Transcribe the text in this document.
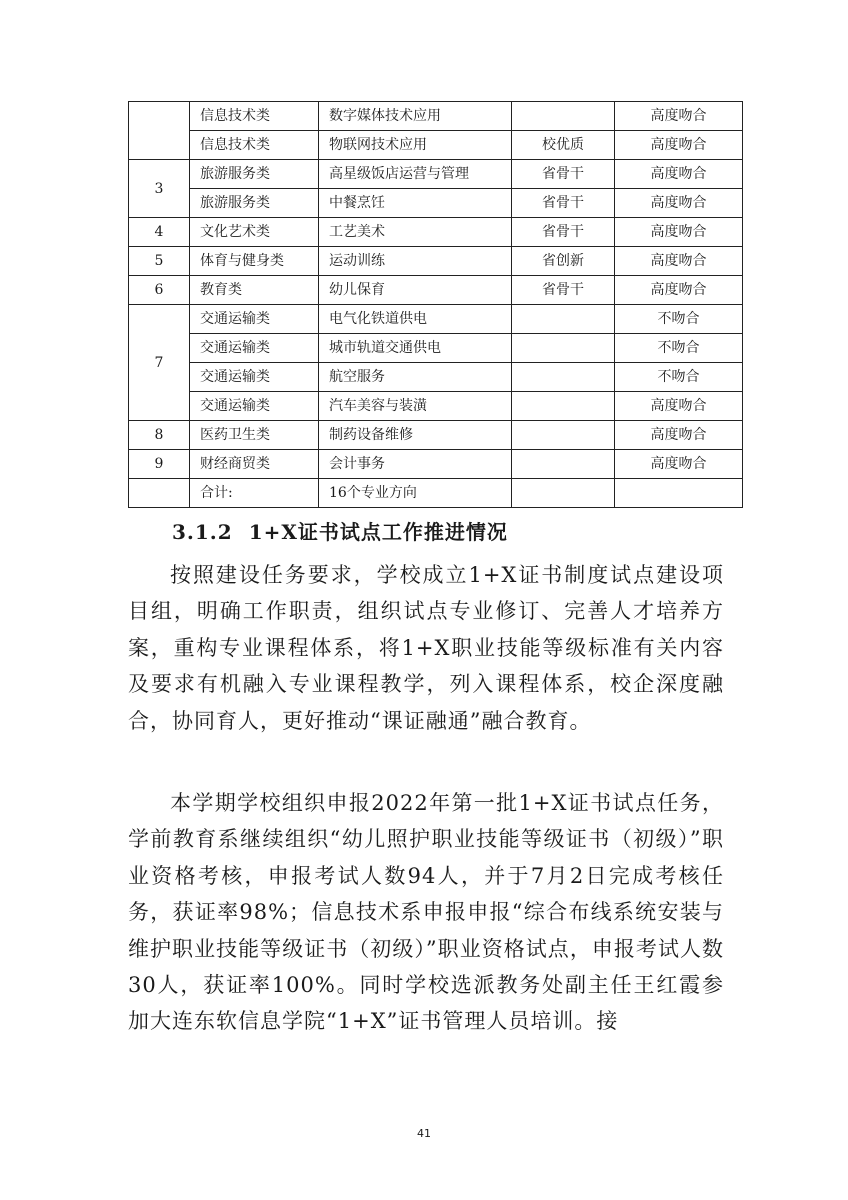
	信息技术类	数字媒体技术应用		高度吻合
	信息技术类	物联网技术应用	校优质	高度吻合
3	旅游服务类	高星级饭店运营与管理	省骨干	高度吻合
	旅游服务类	中餐烹饪	省骨干	高度吻合
4	文化艺术类	工艺美术	省骨干	高度吻合
5	体育与健身类	运动训练	省创新	高度吻合
6	教育类	幼儿保育	省骨干	高度吻合
7	交通运输类	电气化铁道供电		不吻合
	交通运输类	城市轨道交通供电		不吻合
	交通运输类	航空服务		不吻合
	交通运输类	汽车美容与装潢		高度吻合
8	医药卫生类	制药设备维修		高度吻合
9	财经商贸类	会计事务		高度吻合
	合计:	16个专业方向		
3.1.2 1+X证书试点工作推进情况

按照建设任务要求，学校成立1+X证书制度试点建设项目组，明确工作职责，组织试点专业修订、完善人才培养方案，重构专业课程体系，将1+X职业技能等级标准有关内容及要求有机融入专业课程教学，列入课程体系，校企深度融合，协同育人，更好推动“课证融通”融合教育。

本学期学校组织申报2022年第一批1+X证书试点任务，学前教育系继续组织“幼儿照护职业技能等级证书（初级）”职业资格考核，申报考试人数94人，并于7月2日完成考核任务，获证率98%；信息技术系申报申报“综合布线系统安装与维护职业技能等级证书（初级）”职业资格试点，申报考试人数30人，获证率100%。同时学校选派教务处副主任王红霞参加大连东软信息学院“1+X”证书管理人员培训。接

41
